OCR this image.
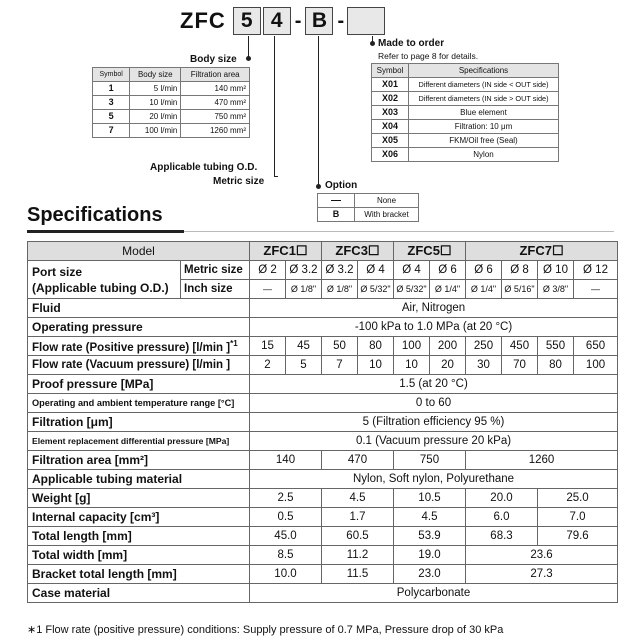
ZFC 5 4 - B -
Body size
Symbol	Body size	Filtration area
1	5 l/min	140 mm²
3	10 l/min	470 mm²
5	20 l/min	750 mm²
7	100 l/min	1260 mm²
Applicable tubing O.D.
Metric size
Made to order
Refer to page 8 for details.
Symbol	Specifications
X01	Different diameters (IN side < OUT side)
X02	Different diameters (IN side > OUT side)
X03	Blue element
X04	Filtration: 10 μm
X05	FKM/Oil free (Seal)
X06	Nylon
Option
—	None
B	With bracket
Specifications
Model		ZFC1☐		ZFC3☐		ZFC5☐		ZFC7☐			
Port size
(Applicable tubing O.D.)	Metric size	Ø 2	Ø 3.2	Ø 3.2	Ø 4	Ø 4	Ø 6	Ø 6	Ø 8	Ø 10	Ø 12
	Inch size	—	Ø 1/8"	Ø 1/8"	Ø 5/32"	Ø 5/32"	Ø 1/4"	Ø 1/4"	Ø 5/16"	Ø 3/8"	—
Fluid		Air, Nitrogen									
Operating pressure		-100 kPa to 1.0 MPa (at 20 °C)									
Flow rate (Positive pressure) [l/min ]$^{*1}$		15	45	50	80	100	200	250	450	550	650
Flow rate (Vacuum pressure) [l/min ]		2	5	7	10	10	20	30	70	80	100
Proof pressure [MPa]		1.5 (at 20 °C)									
Operating and ambient temperature range [°C]		0 to 60									
Filtration [μm]		5 (Filtration efficiency 95 %)									
Element replacement differential pressure [MPa]		0.1 (Vacuum pressure 20 kPa)									
Filtration area [mm²]		140		470		750		1260			
Applicable tubing material		Nylon, Soft nylon, Polyurethane									
Weight [g]		2.5		4.5		10.5		20.0		25.0	
Internal capacity [cm³]		0.5		1.7		4.5		6.0		7.0	
Total length [mm]		45.0		60.5		53.9		68.3		79.6	
Total width [mm]		8.5		11.2		19.0		23.6			
Bracket total length [mm]		10.0		11.5		23.0		27.3			
Case material		Polycarbonate									
∗1 Flow rate (positive pressure) conditions: Supply pressure of 0.7 MPa, Pressure drop of 30 kPa
